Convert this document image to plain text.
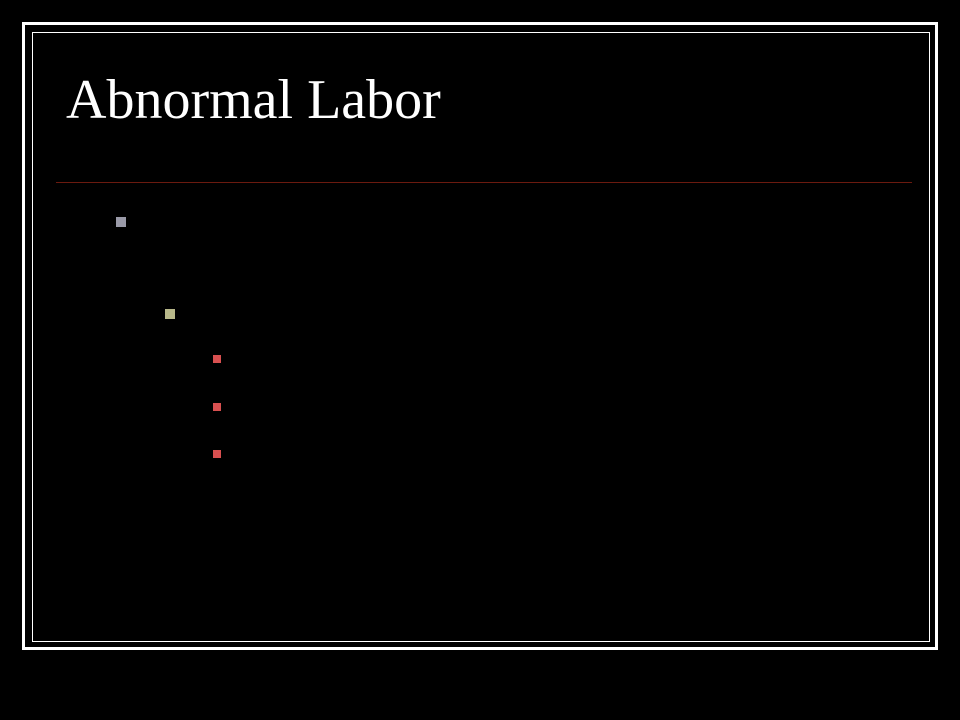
Abnormal Labor
Before intervention by operative vaginal delivery or cesarean section we must
Make sure
1. Latent phase is passed
2.Efficient contractions achieved
How?
